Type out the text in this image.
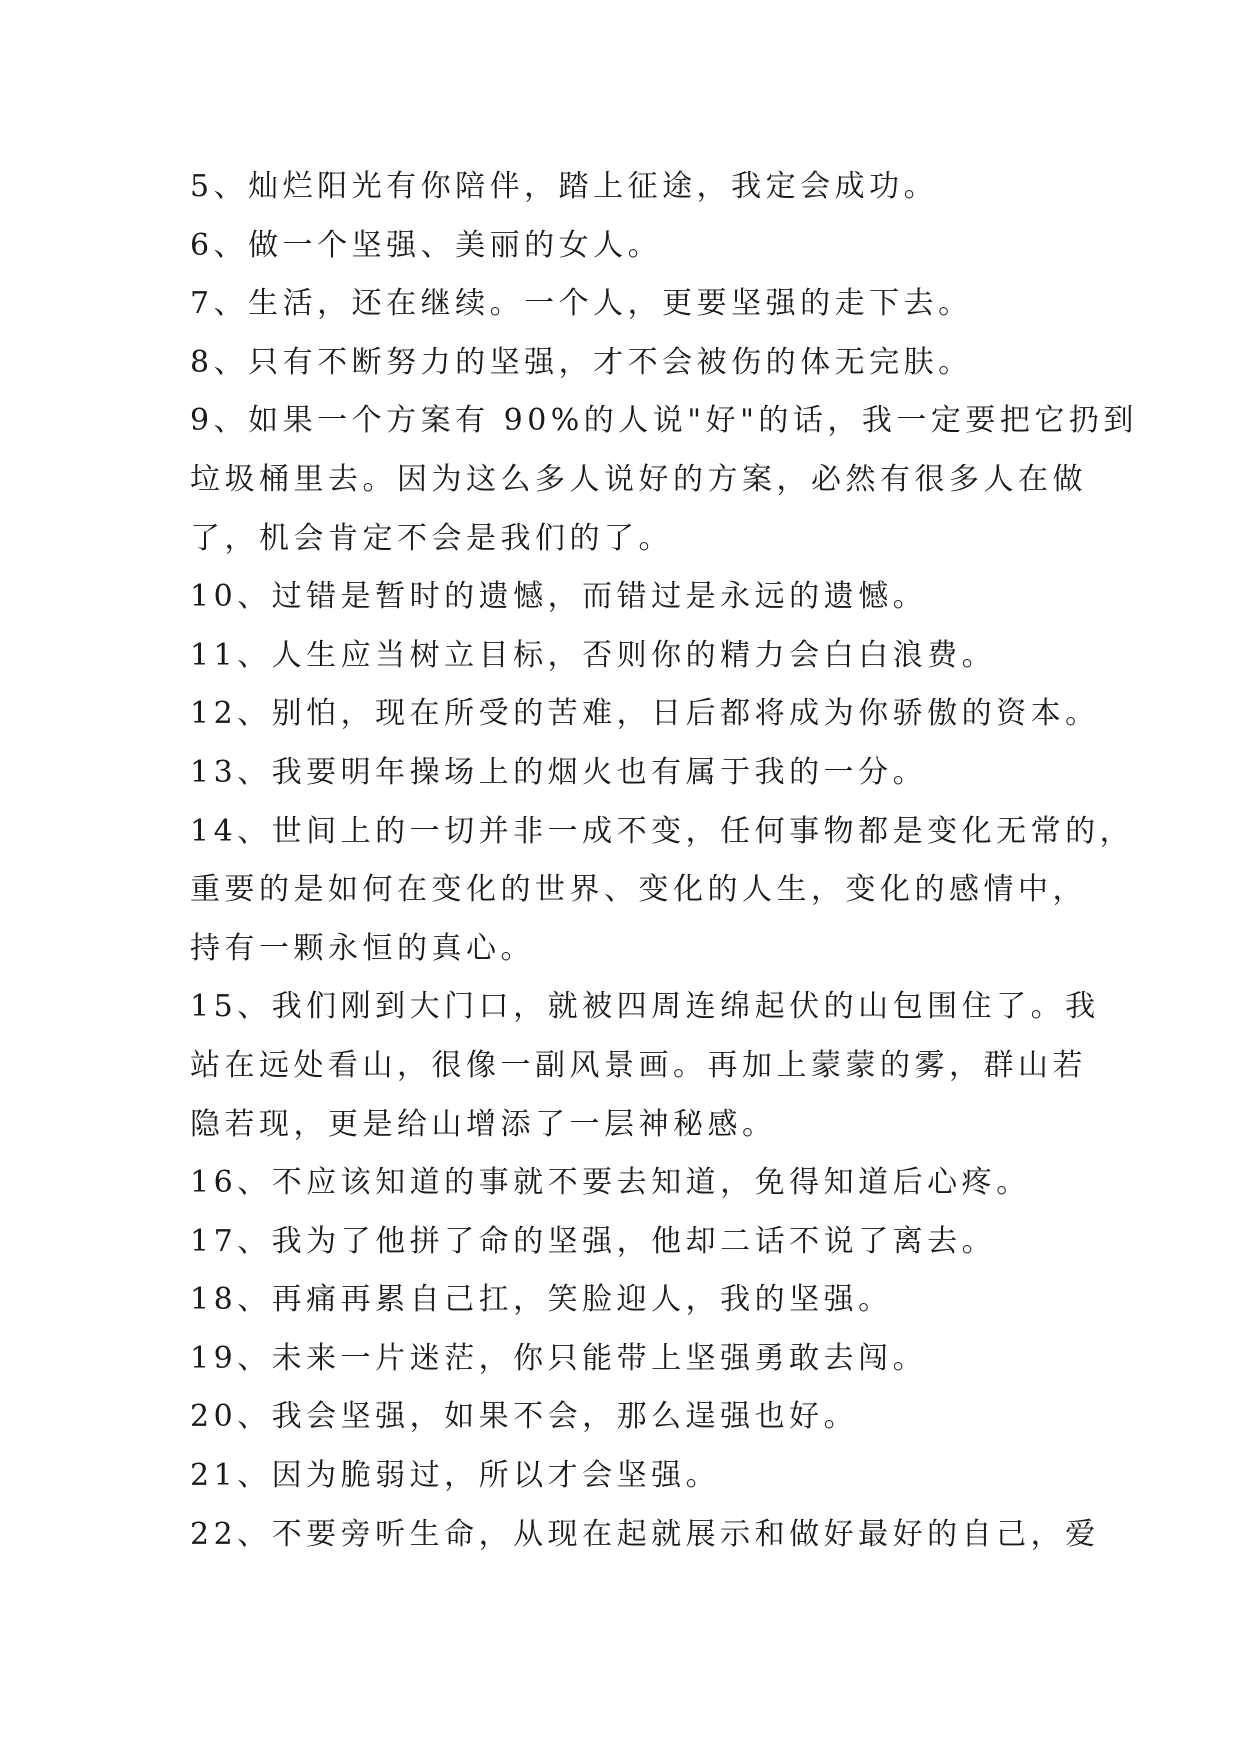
5、灿烂阳光有你陪伴，踏上征途，我定会成功。
6、做一个坚强、美丽的女人。
7、生活，还在继续。一个人，更要坚强的走下去。
8、只有不断努力的坚强，才不会被伤的体无完肤。
9、如果一个方案有 90%的人说"好"的话，我一定要把它扔到
垃圾桶里去。因为这么多人说好的方案，必然有很多人在做
了，机会肯定不会是我们的了。
10、过错是暂时的遗憾，而错过是永远的遗憾。
11、人生应当树立目标，否则你的精力会白白浪费。
12、别怕，现在所受的苦难，日后都将成为你骄傲的资本。
13、我要明年操场上的烟火也有属于我的一分。
14、世间上的一切并非一成不变，任何事物都是变化无常的，
重要的是如何在变化的世界、变化的人生，变化的感情中，
持有一颗永恒的真心。
15、我们刚到大门口，就被四周连绵起伏的山包围住了。我
站在远处看山，很像一副风景画。再加上蒙蒙的雾，群山若
隐若现，更是给山增添了一层神秘感。
16、不应该知道的事就不要去知道，免得知道后心疼。
17、我为了他拼了命的坚强，他却二话不说了离去。
18、再痛再累自己扛，笑脸迎人，我的坚强。
19、未来一片迷茫，你只能带上坚强勇敢去闯。
20、我会坚强，如果不会，那么逞强也好。
21、因为脆弱过，所以才会坚强。
22、不要旁听生命，从现在起就展示和做好最好的自己，爱
